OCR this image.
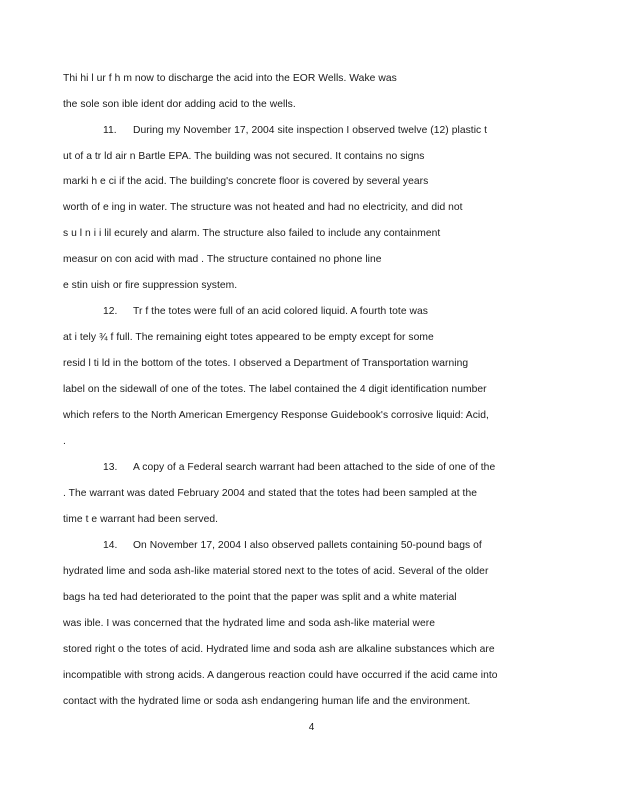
Thi hi l ur f h m now to discharge the acid into the EOR Wells. Wake was
the sole son ible ident dor adding acid to the wells.
11. During my November 17, 2004 site inspection I observed twelve (12) plastic t
ut of a tr ld air n Bartle EPA. The building was not secured. It contains no signs
marki h e ci if the acid. The building's concrete floor is covered by several years
worth of e ing in water. The structure was not heated and had no electricity, and did not
s u l n i i lil ecurely and alarm. The structure also failed to include any containment
measur on con acid with mad . The structure contained no phone line
e stin uish or fire suppression system.
12. Tr f the totes were full of an acid colored liquid. A fourth tote was
at i tely ¾ f full. The remaining eight totes appeared to be empty except for some
resid l ti ld in the bottom of the totes. I observed a Department of Transportation warning
label on the sidewall of one of the totes. The label contained the 4 digit identification number
which refers to the North American Emergency Response Guidebook's corrosive liquid: Acid,
.
13. A copy of a Federal search warrant had been attached to the side of one of the
. The warrant was dated February 2004 and stated that the totes had been sampled at the
time t e warrant had been served.
14. On November 17, 2004 I also observed pallets containing 50-pound bags of
hydrated lime and soda ash-like material stored next to the totes of acid. Several of the older
bags ha ted had deteriorated to the point that the paper was split and a white material
was ible. I was concerned that the hydrated lime and soda ash-like material were
stored right o the totes of acid. Hydrated lime and soda ash are alkaline substances which are
incompatible with strong acids. A dangerous reaction could have occurred if the acid came into
contact with the hydrated lime or soda ash endangering human life and the environment.
4
